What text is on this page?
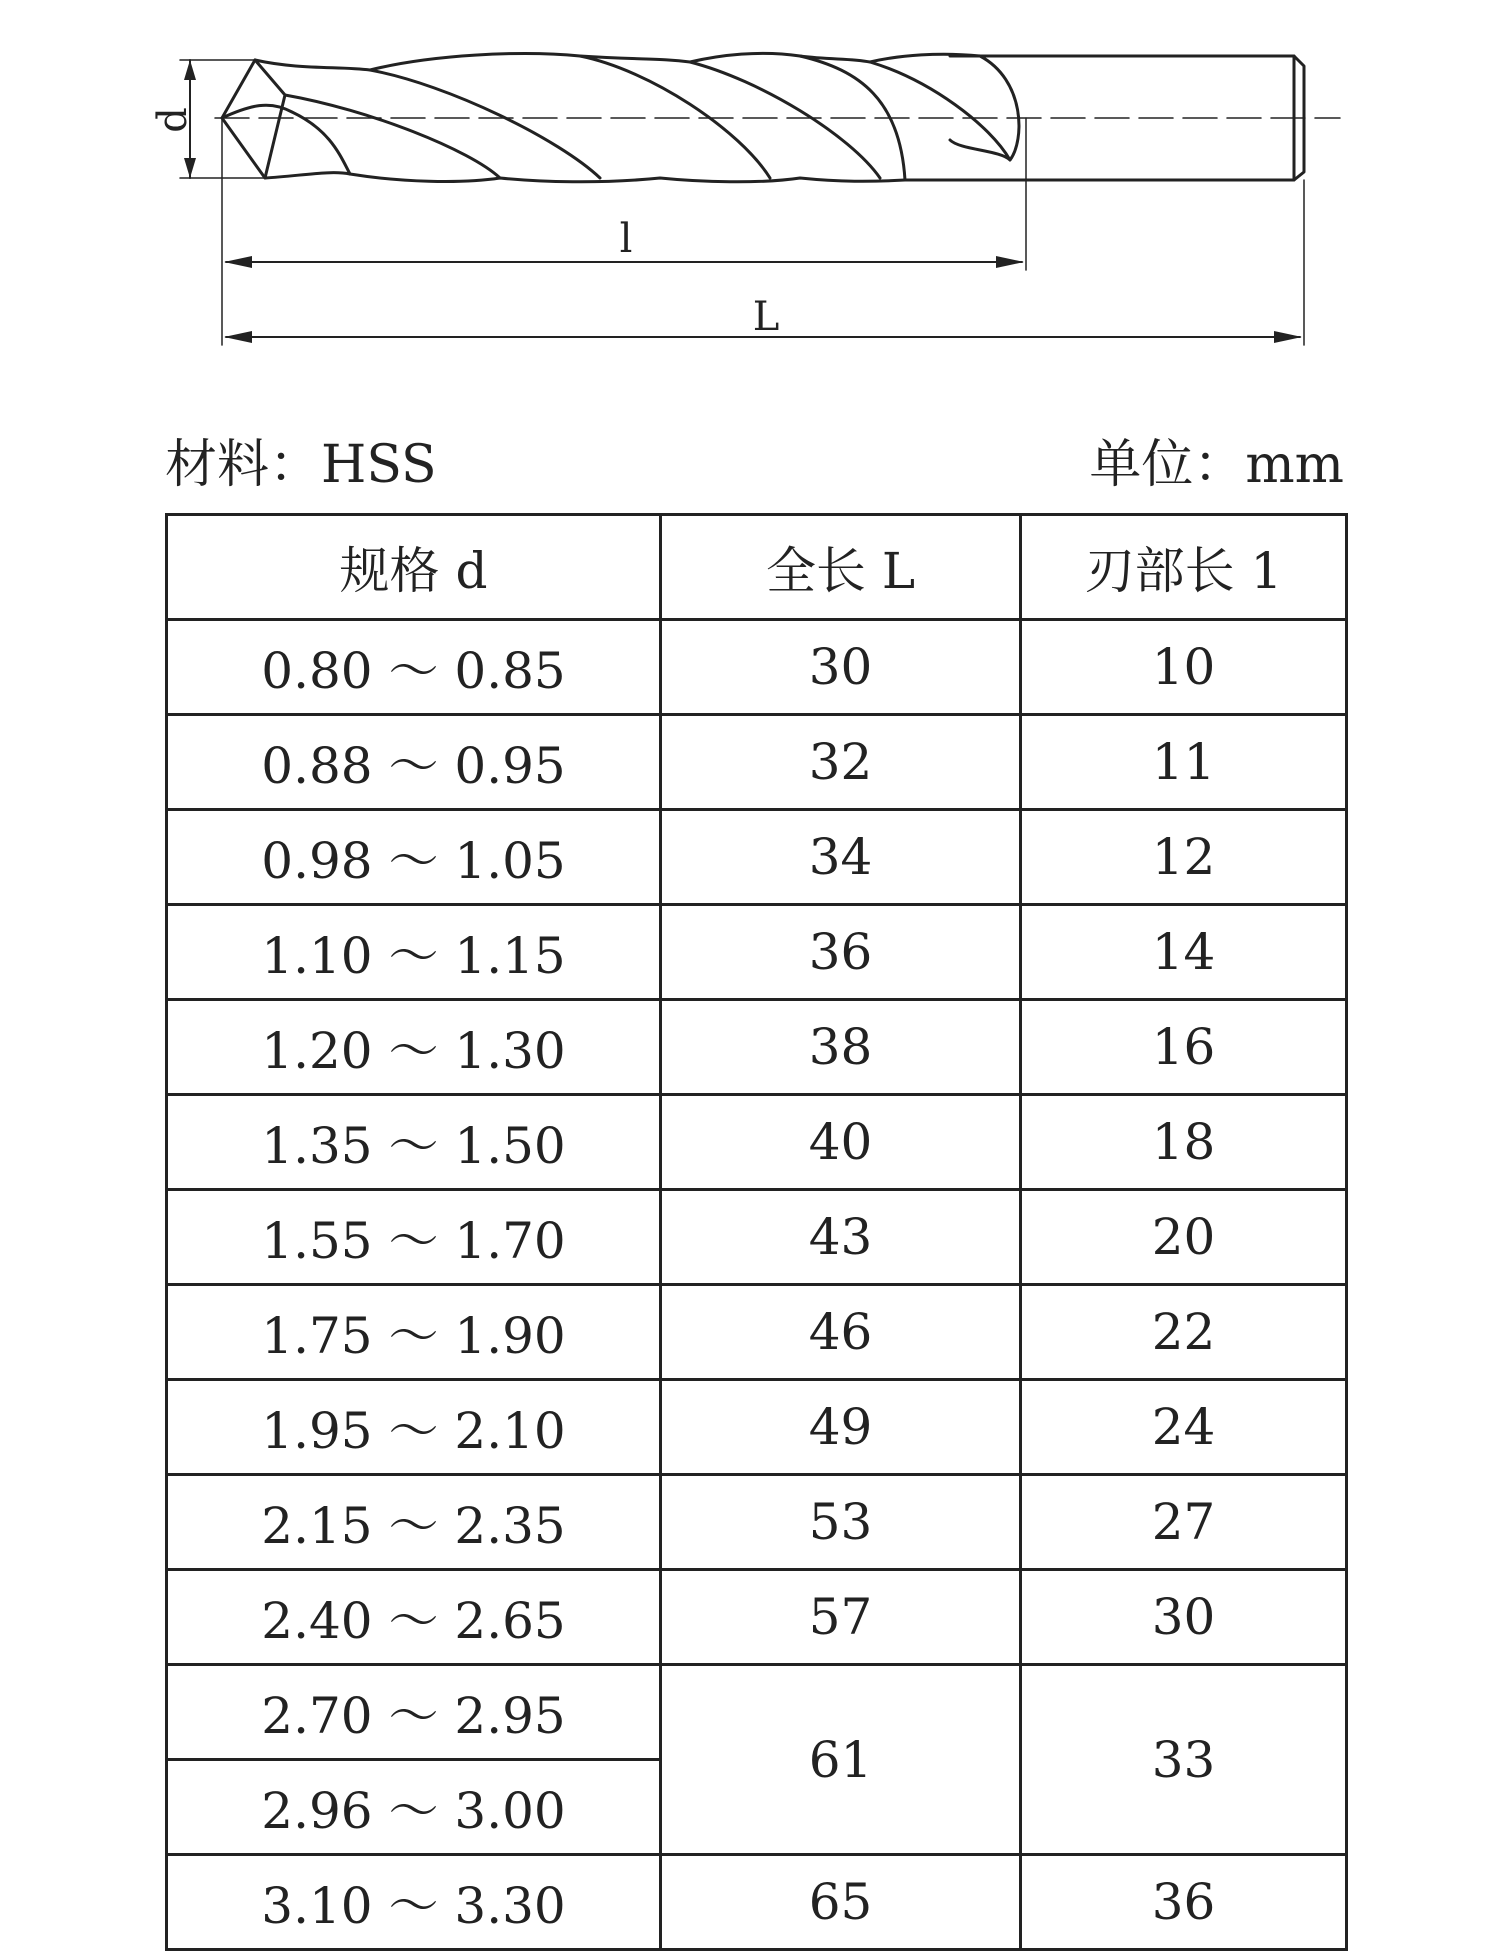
d
l
L
材料：HSS	单位：mm
规格 d	全长 L	刃部长 1
0.80 ～ 0.85	30	10
0.88 ～ 0.95	32	11
0.98 ～ 1.05	34	12
1.10 ～ 1.15	36	14
1.20 ～ 1.30	38	16
1.35 ～ 1.50	40	18
1.55 ～ 1.70	43	20
1.75 ～ 1.90	46	22
1.95 ～ 2.10	49	24
2.15 ～ 2.35	53	27
2.40 ～ 2.65	57	30
2.70 ～ 2.95	61	33
2.96 ～ 3.00		
3.10 ～ 3.30	65	36
